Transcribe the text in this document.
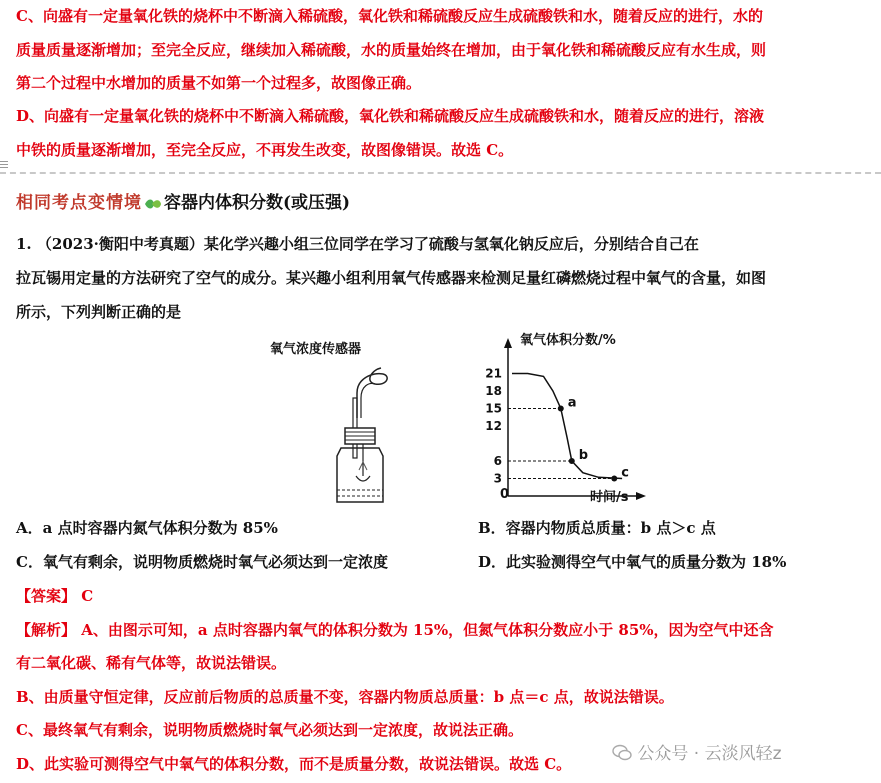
C、向盛有一定量氧化铁的烧杯中不断滴入稀硫酸，氧化铁和稀硫酸反应生成硫酸铁和水，随着反应的进行，水的
质量质量逐渐增加；至完全反应，继续加入稀硫酸，水的质量始终在增加，由于氧化铁和稀硫酸反应有水生成，则
第二个过程中水增加的质量不如第一个过程多，故图像正确。
D、向盛有一定量氧化铁的烧杯中不断滴入稀硫酸，氧化铁和稀硫酸反应生成硫酸铁和水，随着反应的进行，溶液
中铁的质量逐渐增加，至完全反应，不再发生改变，故图像错误。故选 C。
相同考点变情境 容器内体积分数(或压强)
1. （2023·衡阳中考真题）某化学兴趣小组三位同学在学习了硫酸与氢氧化钠反应后，分别结合自己在
拉瓦锡用定量的方法研究了空气的成分。某兴趣小组利用氧气传感器来检测足量红磷燃烧过程中氧气的含量，如图
所示，下列判断正确的是
氧气浓度传感器
氧气体积分数/%
时间/s
0
3
6
12
15
18
21
a
b
c
A．a 点时容器内氮气体积分数为 85%	B．容器内物质总质量：b 点＞c 点
C．氧气有剩余，说明物质燃烧时氧气必须达到一定浓度	D．此实验测得空气中氧气的质量分数为 18%
【答案】 C
【解析】 A、由图示可知，a 点时容器内氧气的体积分数为 15%，但氮气体积分数应小于 85%，因为空气中还含
有二氧化碳、稀有气体等，故说法错误。
B、由质量守恒定律，反应前后物质的总质量不变，容器内物质总质量：b 点＝c 点，故说法错误。
C、最终氧气有剩余，说明物质燃烧时氧气必须达到一定浓度，故说法正确。
D、此实验可测得空气中氧气的体积分数，而不是质量分数，故说法错误。故选 C。	公众号 · 云淡风轻z
